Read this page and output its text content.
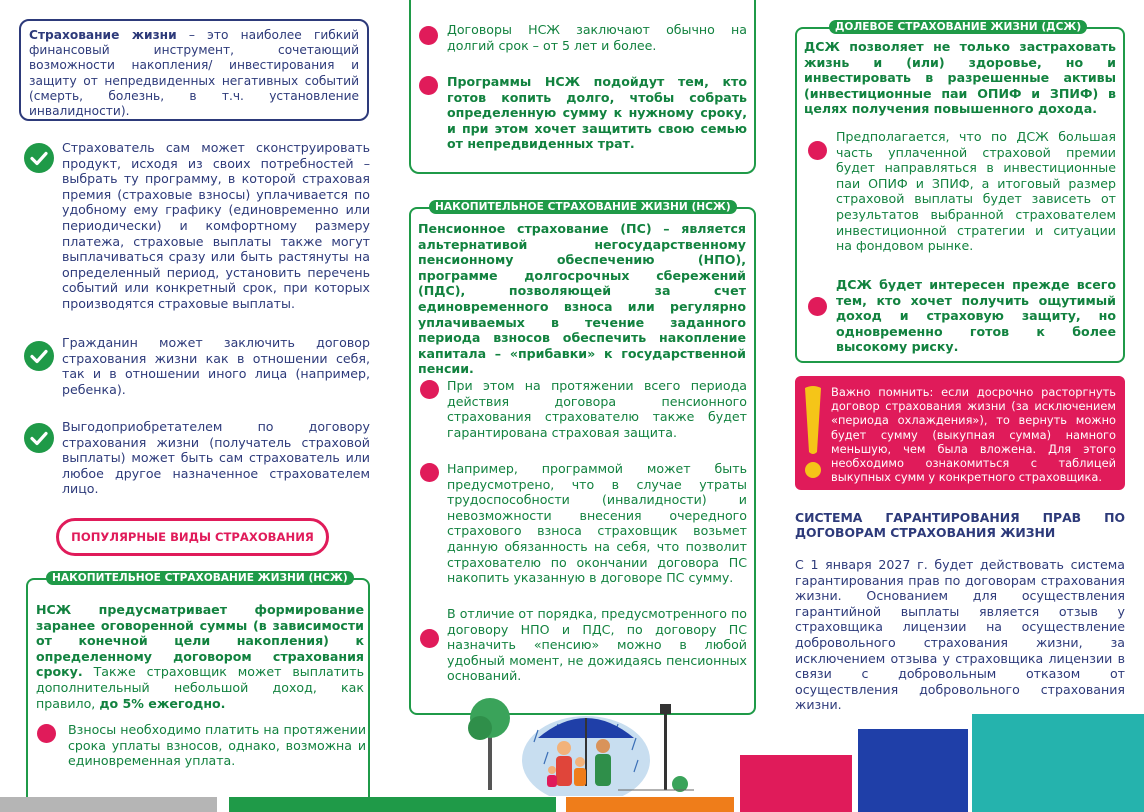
Страхование жизни – это наиболее гибкий финансовый инструмент, сочетающий возможности накопления/ инвестирования и защиту от непредвиденных негативных событий (смерть, болезнь, в т.ч. установление инвалидности).
Страхователь сам может сконструировать продукт, исходя из своих потребностей – выбрать ту программу, в которой страховая премия (страховые взносы) уплачивается по удобному ему графику (единовременно или периодически) и комфортному размеру платежа, страховые выплаты также могут выплачиваться сразу или быть растянуты на определенный период, установить перечень событий или конкретный срок, при которых производятся страховые выплаты.
Гражданин может заключить договор страхования жизни как в отношении себя, так и в отношении иного лица (например, ребенка).
Выгодоприобретателем по договору страхования жизни (получатель страховой выплаты) может быть сам страхователь или любое другое назначенное страхователем лицо.
ПОПУЛЯРНЫЕ ВИДЫ СТРАХОВАНИЯ
НАКОПИТЕЛЬНОЕ СТРАХОВАНИЕ ЖИЗНИ (НСЖ)
НСЖ предусматривает формирование заранее оговоренной суммы (в зависимости от конечной цели накопления) к определенному договором страхования сроку. Также страховщик может выплатить дополнительный небольшой доход, как правило, до 5% ежегодно.
Взносы необходимо платить на протяжении срока уплаты взносов, однако, возможна и единовременная уплата.
Договоры НСЖ заключают обычно на долгий срок – от 5 лет и более.
Программы НСЖ подойдут тем, кто готов копить долго, чтобы собрать определенную сумму к нужному сроку, и при этом хочет защитить свою семью от непредвиденных трат.
НАКОПИТЕЛЬНОЕ СТРАХОВАНИЕ ЖИЗНИ (НСЖ)
Пенсионное страхование (ПС) – является альтернативой негосударственному пенсионному обеспечению (НПО), программе долгосрочных сбережений (ПДС), позволяющей за счет единовременного взноса или регулярно уплачиваемых в течение заданного периода взносов обеспечить накопление капитала – «прибавки» к государственной пенсии.
При этом на протяжении всего периода действия договора пенсионного страхования страхователю также будет гарантирована страховая защита.
Например, программой может быть предусмотрено, что в случае утраты трудоспособности (инвалидности) и невозможности внесения очередного страхового взноса страховщик возьмет данную обязанность на себя, что позволит страхователю по окончании договора ПС накопить указанную в договоре ПС сумму.
В отличие от порядка, предусмотренного по договору НПО и ПДС, по договору ПС назначить «пенсию» можно в любой удобный момент, не дожидаясь пенсионных оснований.
ДОЛЕВОЕ СТРАХОВАНИЕ ЖИЗНИ (ДСЖ)
ДСЖ позволяет не только застраховать жизнь и (или) здоровье, но и инвестировать в разрешенные активы (инвестиционные паи ОПИФ и ЗПИФ) в целях получения повышенного дохода.
Предполагается, что по ДСЖ большая часть уплаченной страховой премии будет направляться в инвестиционные паи ОПИФ и ЗПИФ, а итоговый размер страховой выплаты будет зависеть от результатов выбранной страхователем инвестиционной стратегии и ситуации на фондовом рынке.
ДСЖ будет интересен прежде всего тем, кто хочет получить ощутимый доход и страховую защиту, но одновременно готов к более высокому риску.
Важно помнить: если досрочно расторгнуть договор страхования жизни (за исключением «периода охлаждения»), то вернуть можно будет сумму (выкупная сумма) намного меньшую, чем была вложена. Для этого необходимо ознакомиться с таблицей выкупных сумм у конкретного страховщика.
СИСТЕМА ГАРАНТИРОВАНИЯ ПРАВ ПО ДОГОВОРАМ СТРАХОВАНИЯ ЖИЗНИ
С 1 января 2027 г. будет действовать система гарантирования прав по договорам страхования жизни. Основанием для осуществления гарантийной выплаты является отзыв у страховщика лицензии на осуществление добровольного страхования жизни, за исключением отзыва у страховщика лицензии в связи с добровольным отказом от осуществления добровольного страхования жизни.
